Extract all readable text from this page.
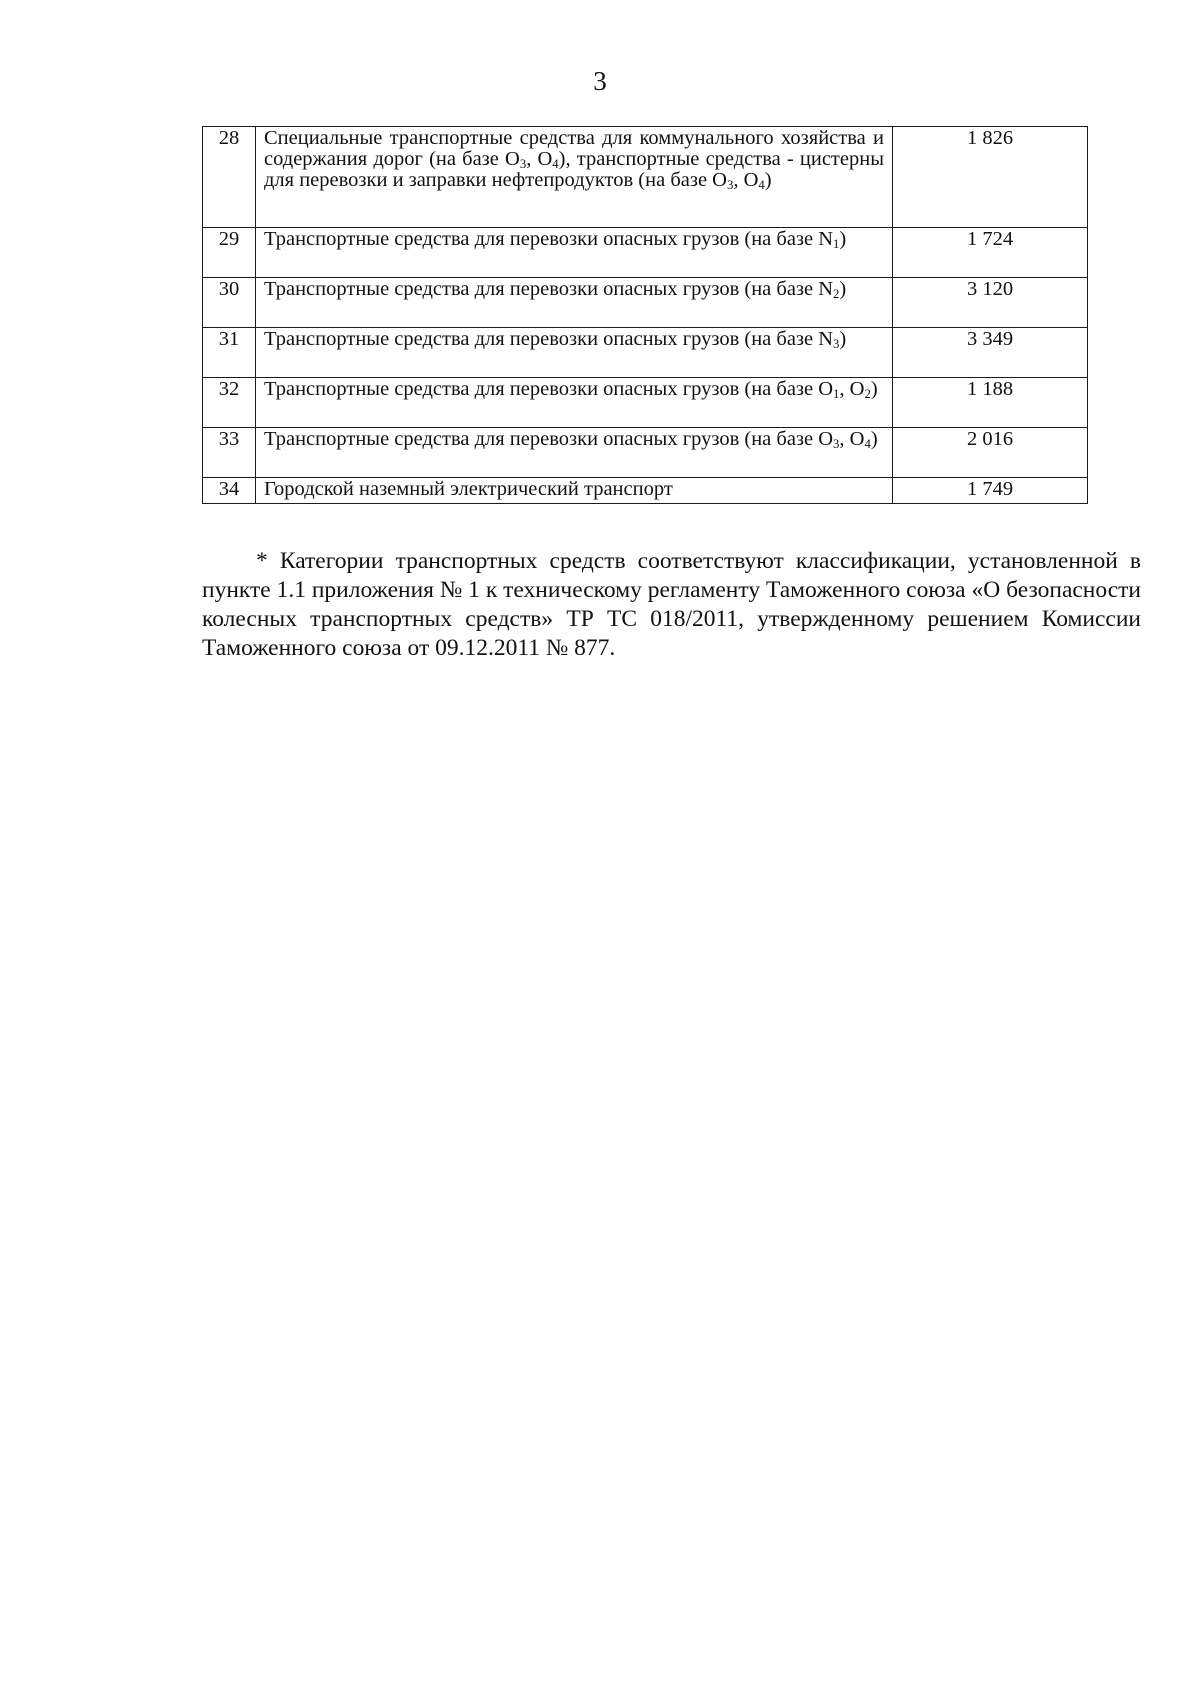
3
28	Специальные транспортные средства для коммунального хозяйства и содержания дорог (на базе $O_3$, $O_4$), транспортные средства - цистерны для перевозки и заправки нефтепродуктов (на базе $O_3$, $O_4$)	1 826
29	Транспортные средства для перевозки опасных грузов (на базе $N_1$)	1 724
30	Транспортные средства для перевозки опасных грузов (на базе $N_2$)	3 120
31	Транспортные средства для перевозки опасных грузов (на базе $N_3$)	3 349
32	Транспортные средства для перевозки опасных грузов (на базе $O_1$, $O_2$)	1 188
33	Транспортные средства для перевозки опасных грузов (на базе $O_3$, $O_4$)	2 016
34	Городской наземный электрический транспорт	1 749

* Категории транспортных средств соответствуют классификации, установленной в пункте 1.1 приложения № 1 к техническому регламенту Таможенного союза «О безопасности колесных транспортных средств» ТР ТС 018/2011, утвержденному решением Комиссии Таможенного союза от 09.12.2011 № 877.
